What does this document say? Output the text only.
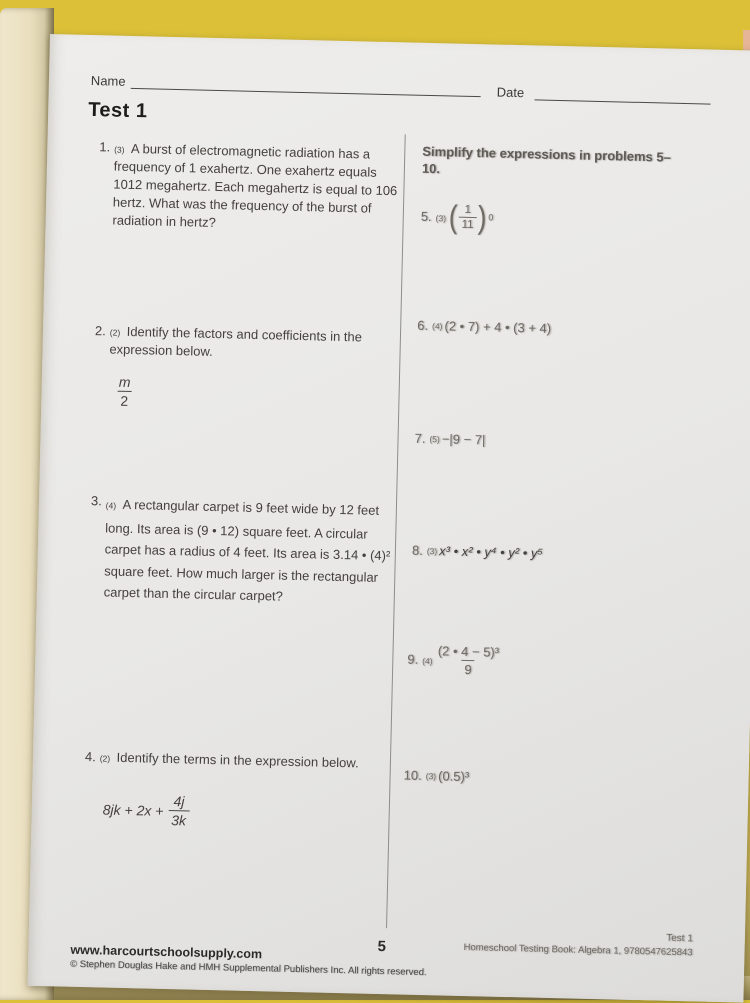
Name
Date
Test 1
1. (3) A burst of electromagnetic radiation has a frequency of 1 exahertz. One exahertz equals 1012 megahertz. Each megahertz is equal to 106 hertz. What was the frequency of the burst of radiation in hertz?
2. (2) Identify the factors and coefficients in the expression below.
$\frac{m}{2}$
3. (4) A rectangular carpet is 9 feet wide by 12 feet long. Its area is (9 • 12) square feet. A circular carpet has a radius of 4 feet. Its area is 3.14 • (4)² square feet. How much larger is the rectangular carpet than the circular carpet?
4. (2) Identify the terms in the expression below.
$8jk + 2x + \frac{4j}{3k}$
Simplify the expressions in problems 5–10.
5. (3) ( $\frac{1}{11}$ ) 0
6. (4) (2 • 7) + 4 • (3 + 4)
7. (5) −|9 − 7|
8. (3) x³ • x² • y⁴ • y² • y⁵
9. $(4) \frac{\text{(2 • 4 − 5)³}}{9}$
10. (3) (0.5)³
www.harcourtschoolsupply.com
© Stephen Douglas Hake and HMH Supplemental Publishers Inc. All rights reserved.
5	Test 1
Homeschool Testing Book: Algebra 1, 9780547625843
